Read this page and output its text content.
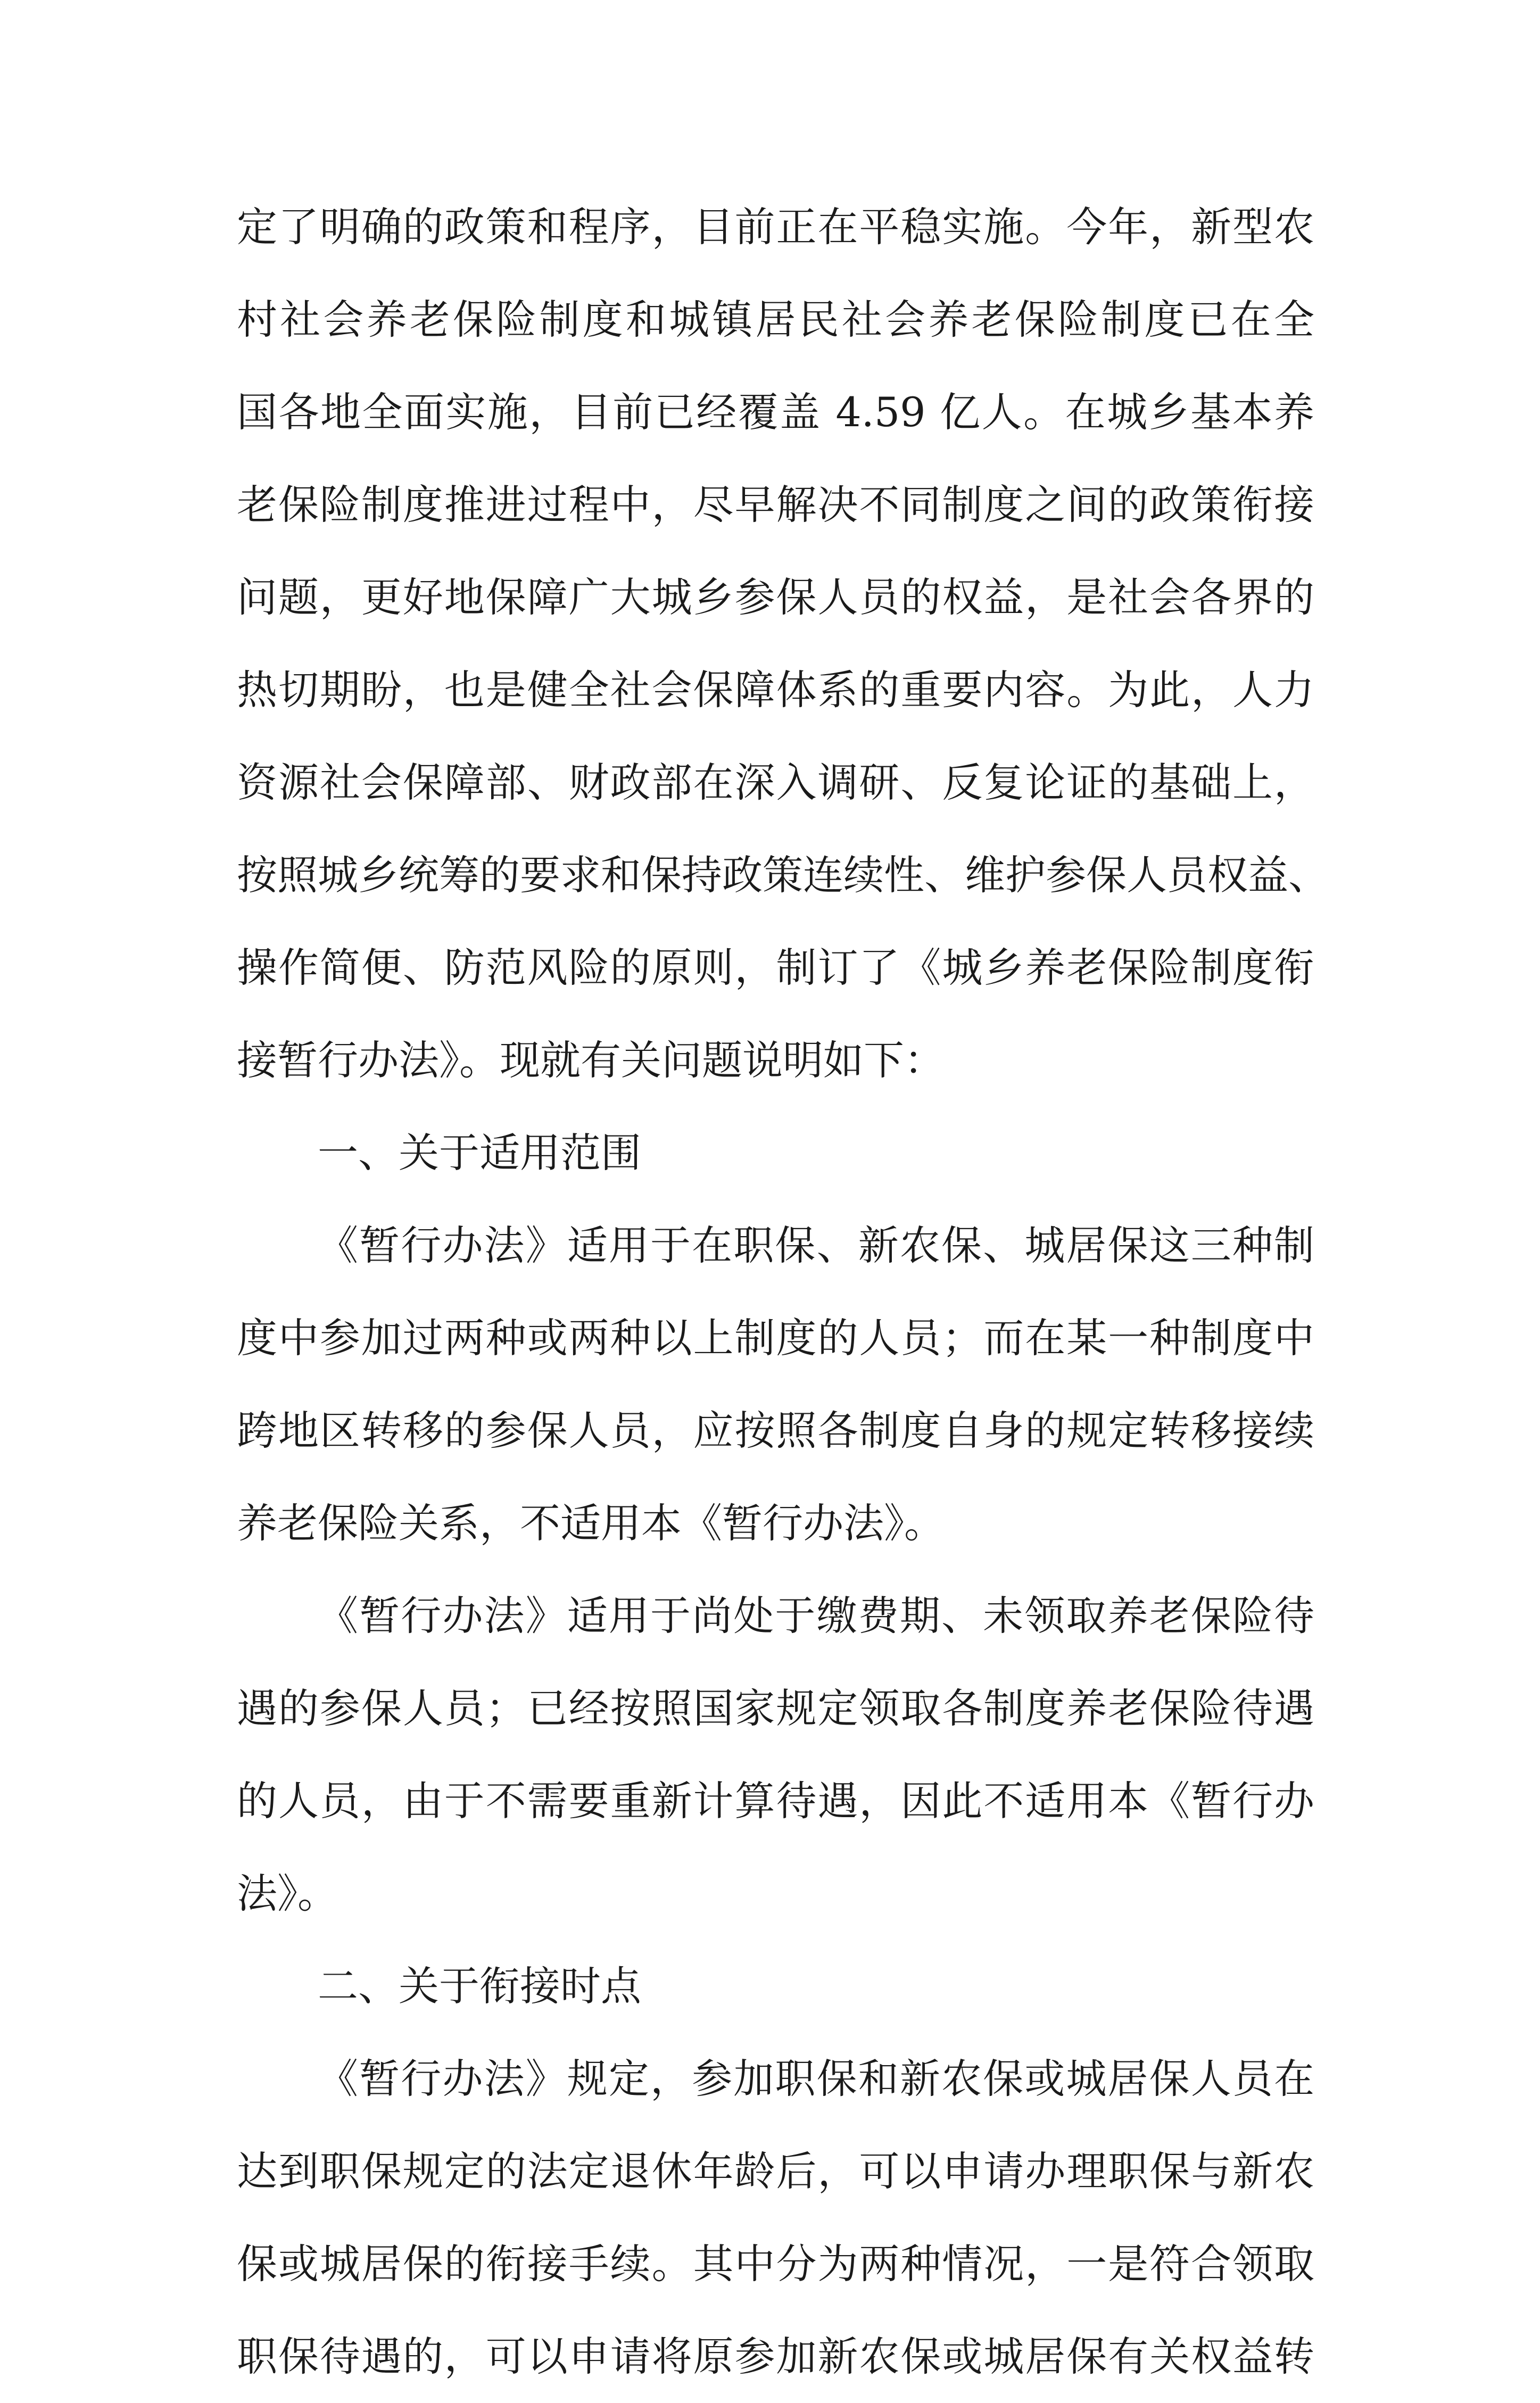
定了明确的政策和程序，目前正在平稳实施。今年，新型农
村社会养老保险制度和城镇居民社会养老保险制度已在全
国各地全面实施，目前已经覆盖 4.59 亿人。在城乡基本养
老保险制度推进过程中，尽早解决不同制度之间的政策衔接
问题，更好地保障广大城乡参保人员的权益，是社会各界的
热切期盼，也是健全社会保障体系的重要内容。为此，人力
资源社会保障部、财政部在深入调研、反复论证的基础上，
按照城乡统筹的要求和保持政策连续性、维护参保人员权益、
操作简便、防范风险的原则，制订了《城乡养老保险制度衔
接暂行办法》。现就有关问题说明如下：
一、关于适用范围
《暂行办法》适用于在职保、新农保、城居保这三种制
度中参加过两种或两种以上制度的人员；而在某一种制度中
跨地区转移的参保人员，应按照各制度自身的规定转移接续
养老保险关系，不适用本《暂行办法》。
《暂行办法》适用于尚处于缴费期、未领取养老保险待
遇的参保人员；已经按照国家规定领取各制度养老保险待遇
的人员，由于不需要重新计算待遇，因此不适用本《暂行办
法》。
二、关于衔接时点
《暂行办法》规定，参加职保和新农保或城居保人员在
达到职保规定的法定退休年龄后，可以申请办理职保与新农
保或城居保的衔接手续。其中分为两种情况，一是符合领取
职保待遇的，可以申请将原参加新农保或城居保有关权益转
